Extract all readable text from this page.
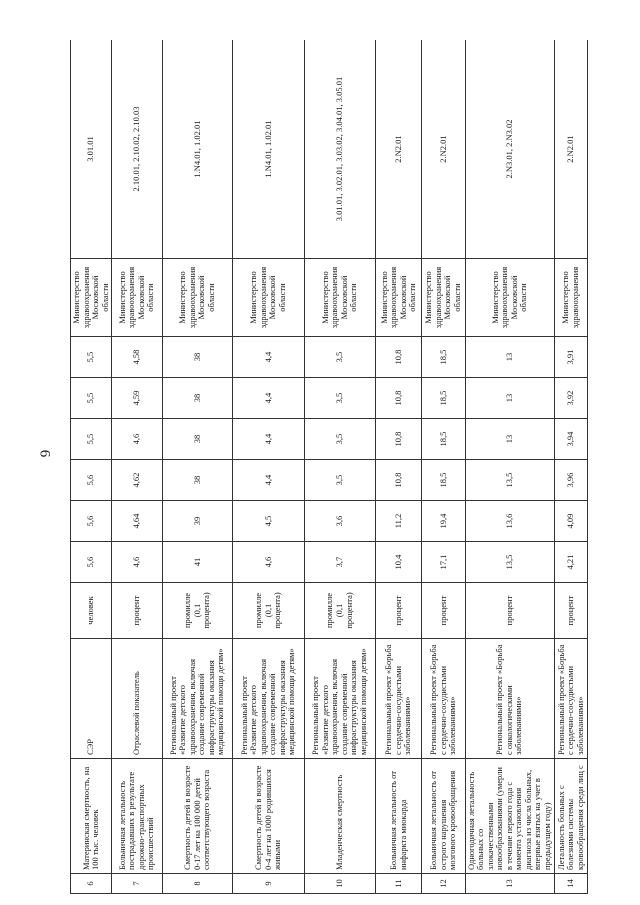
6
6	Материнская смертность, на 100 тыс. человек	СЭР	человек	5,6	5,6	5,6	5,5	5,5	5,5	Министерство здравоохранения Московской области	3.01.01
7	Больничная летальность пострадавших в результате дорожно-транспортных происшествий	Отраслевой показатель	процент	4,6	4,64	4,62	4,6	4,59	4,58	Министерство здравоохранения Московской области	2.10.01, 2.10.02, 2.10.03
8	Смертность детей в возрасте 0-17 лет на 100 000 детей соответствующего возраста	Региональный проект «Развитие детского здравоохранения, включая создание современной инфраструктуры оказания медицинской помощи детям»	промилле (0,1 процента)	41	39	38	38	38	38	Министерство здравоохранения Московской области	1.N4.01, 1.02.01
9	Смертность детей в возрасте 0-4 лет на 1000 родившихся живыми	Региональный проект «Развитие детского здравоохранения, включая создание современной инфраструктуры оказания медицинской помощи детям»	промилле (0,1 процента)	4,6	4,5	4,4	4,4	4,4	4,4	Министерство здравоохранения Московской области	1.N4.01, 1.02.01
10	Младенческая смертность	Региональный проект «Развитие детского здравоохранения, включая создание современной инфраструктуры оказания медицинской помощи детям»	промилле (0,1 процента)	3,7	3,6	3,5	3,5	3,5	3,5	Министерство здравоохранения Московской области	3.01.01, 3.02.01, 3.03.02, 3.04.01, 3.05.01
11	Больничная летальность от инфаркта миокарда	Региональный проект «Борьба с сердечно-сосудистыми заболеваниями»	процент	10,4	11,2	10,8	10,8	10,8	10,8	Министерство здравоохранения Московской области	2.N2.01
12	Больничная летальность от острого нарушения мозгового кровообращения	Региональный проект «Борьба с сердечно-сосудистыми заболеваниями»	процент	17,1	19,4	18,5	18,5	18,5	18,5	Министерство здравоохранения Московской области	2.N2.01
13	Одногодичная летальность больных со злокачественными новообразованиями (умерли в течение первого года с момента установления диагноза из числа больных, впервые взятых на учет в предыдущем году)	Региональный проект «Борьба с онкологическими заболеваниями»	процент	13,5	13,6	13,5	13	13	13	Министерство здравоохранения Московской области	2.N3.01, 2.N3.02
14	Летальность больных с болезнями системы кровообращения среди лиц с	Региональный проект «Борьба с сердечно-сосудистыми заболеваниями»	процент	4,21	4,09	3,96	3,94	3,92	3,91	Министерство здравоохранения	2.N2.01
